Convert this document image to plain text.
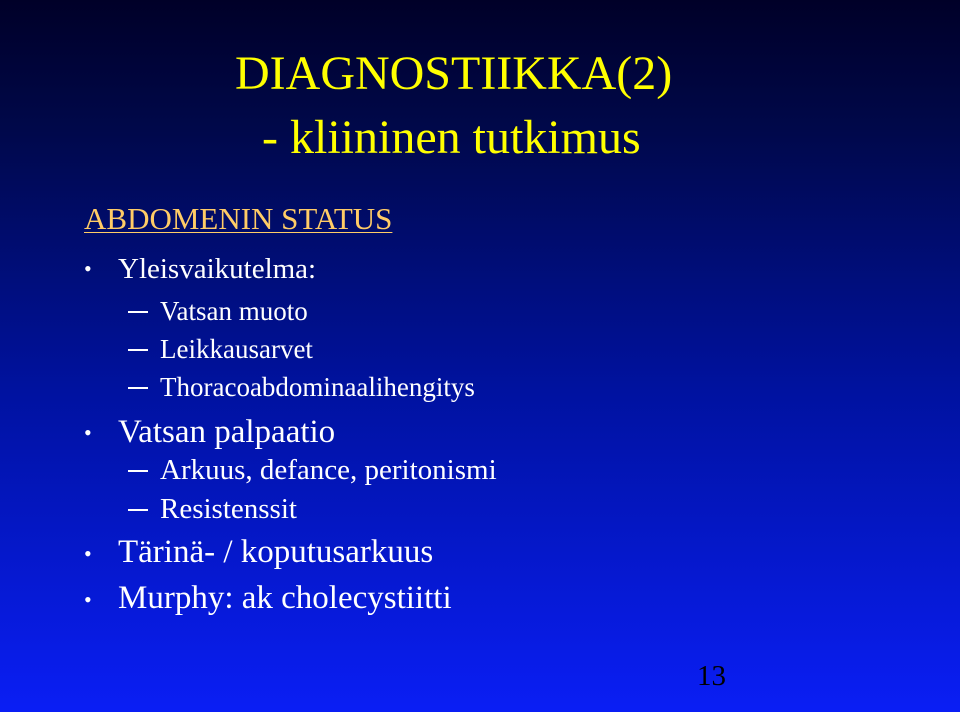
DIAGNOSTIIKKA(2)
- kliininen tutkimus
ABDOMENIN STATUS
• Yleisvaikutelma:
Vatsan muoto
Leikkausarvet
Thoracoabdominaalihengitys
• Vatsan palpaatio
Arkuus, defance, peritonismi
Resistenssit
• Tärinä- / koputusarkuus
• Murphy: ak cholecystiitti
13
